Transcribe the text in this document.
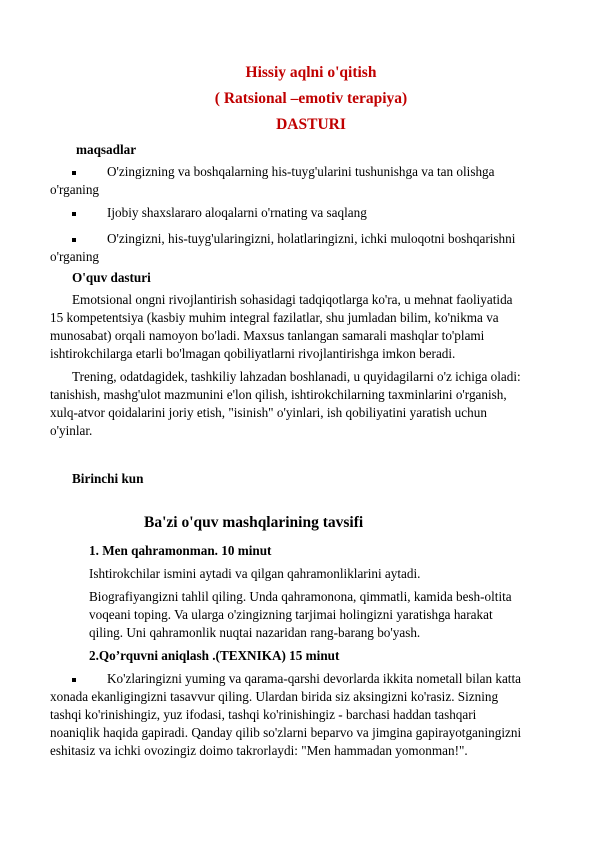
Hissiy aqlni o'qitish
( Ratsional –emotiv terapiya)
DASTURI
maqsadlar
O'zingizning va boshqalarning his-tuyg'ularini tushunishga va tan olishga
o'rganing
Ijobiy shaxslararo aloqalarni o'rnating va saqlang
O'zingizni, his-tuyg'ularingizni, holatlaringizni, ichki muloqotni boshqarishni
o'rganing
O'quv dasturi
Emotsional ongni rivojlantirish sohasidagi tadqiqotlarga ko'ra, u mehnat faoliyatida
15 kompetentsiya (kasbiy muhim integral fazilatlar, shu jumladan bilim, ko'nikma va
munosabat) orqali namoyon bo'ladi. Maxsus tanlangan samarali mashqlar to'plami
ishtirokchilarga etarli bo'lmagan qobiliyatlarni rivojlantirishga imkon beradi.
Trening, odatdagidek, tashkiliy lahzadan boshlanadi, u quyidagilarni o'z ichiga oladi:
tanishish, mashg'ulot mazmunini e'lon qilish, ishtirokchilarning taxminlarini o'rganish,
xulq-atvor qoidalarini joriy etish, "isinish" o'yinlari, ish qobiliyatini yaratish uchun
o'yinlar.
Birinchi kun
Ba'zi o'quv mashqlarining tavsifi
1. Men qahramonman. 10 minut
Ishtirokchilar ismini aytadi va qilgan qahramonliklarini aytadi.
Biografiyangizni tahlil qiling. Unda qahramonona, qimmatli, kamida besh-oltita
voqeani toping. Va ularga o'zingizning tarjimai holingizni yaratishga harakat
qiling. Uni qahramonlik nuqtai nazaridan rang-barang bo'yash.
2.Qo’rquvni aniqlash .(TEXNIKA) 15 minut
Ko'zlaringizni yuming va qarama-qarshi devorlarda ikkita nometall bilan katta
xonada ekanligingizni tasavvur qiling. Ulardan birida siz aksingizni ko'rasiz. Sizning
tashqi ko'rinishingiz, yuz ifodasi, tashqi ko'rinishingiz - barchasi haddan tashqari
noaniqlik haqida gapiradi. Qanday qilib so'zlarni beparvo va jimgina gapirayotganingizni
eshitasiz va ichki ovozingiz doimo takrorlaydi: "Men hammadan yomonman!".
